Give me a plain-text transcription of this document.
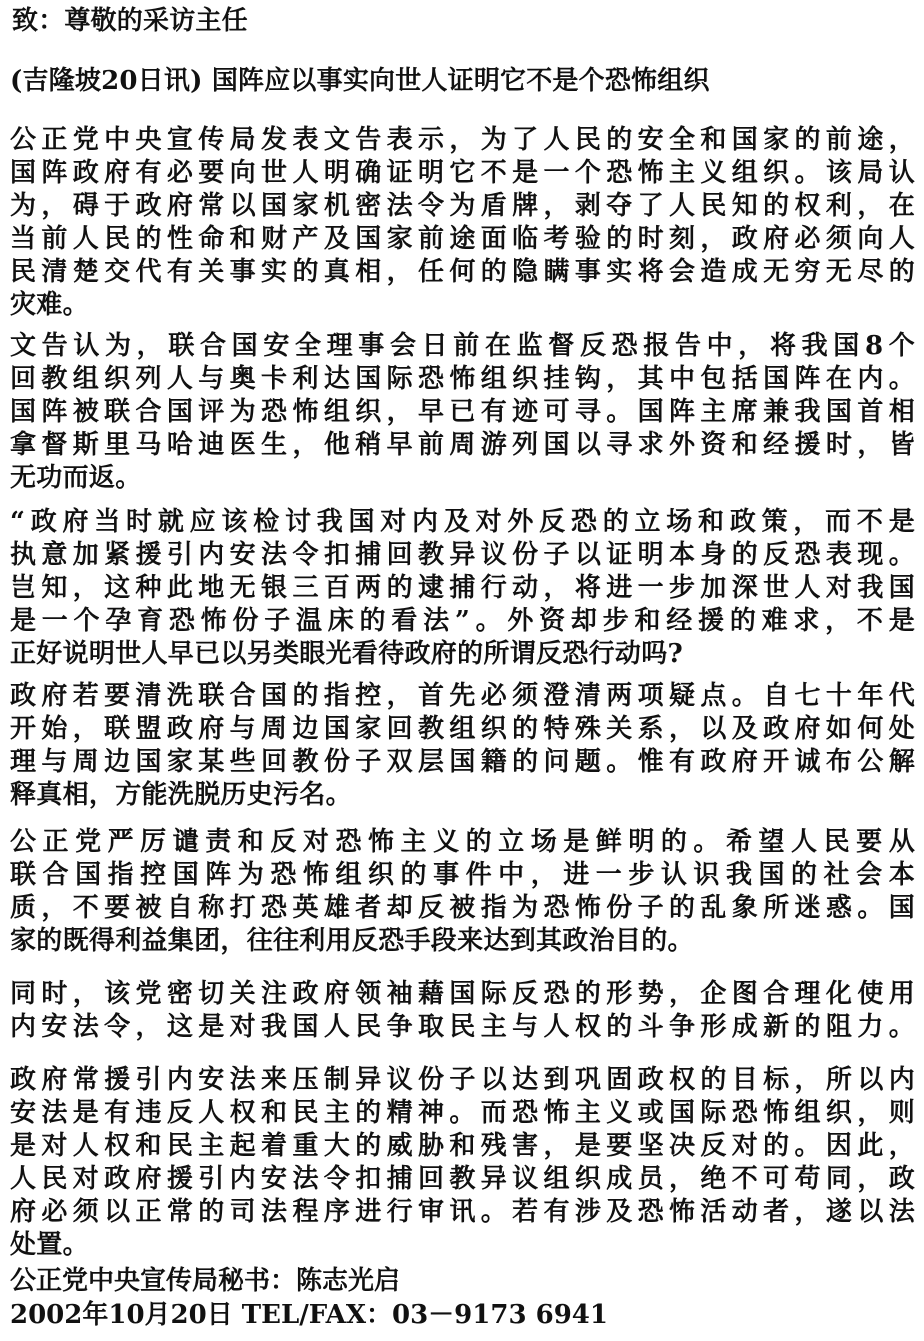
致：尊敬的采访主任

(吉隆坡20日讯) 国阵应以事实向世人证明它不是个恐怖组织

公正党中央宣传局发表文告表示，为了人民的安全和国家的前途，
国阵政府有必要向世人明确证明它不是一个恐怖主义组织。该局认
为，碍于政府常以国家机密法令为盾牌，剥夺了人民知的权利，在
当前人民的性命和财产及国家前途面临考验的时刻，政府必须向人
民清楚交代有关事实的真相，任何的隐瞒事实将会造成无穷无尽的
灾难。
文告认为，联合国安全理事会日前在监督反恐报告中，将我国8个
回教组织列人与奥卡利达国际恐怖组织挂钩，其中包括国阵在内。
国阵被联合国评为恐怖组织，早已有迹可寻。国阵主席兼我国首相
拿督斯里马哈迪医生，他稍早前周游列国以寻求外资和经援时，皆
无功而返。
“政府当时就应该检讨我国对内及对外反恐的立场和政策，而不是
执意加紧援引内安法令扣捕回教异议份子以证明本身的反恐表现。
岂知，这种此地无银三百两的逮捕行动，将进一步加深世人对我国
是一个孕育恐怖份子温床的看法”。外资却步和经援的难求，不是
正好说明世人早已以另类眼光看待政府的所谓反恐行动吗?
政府若要清洗联合国的指控，首先必须澄清两项疑点。自七十年代
开始，联盟政府与周边国家回教组织的特殊关系，以及政府如何处
理与周边国家某些回教份子双层国籍的问题。惟有政府开诚布公解
释真相，方能洗脱历史污名。
公正党严厉谴责和反对恐怖主义的立场是鲜明的。希望人民要从
联合国指控国阵为恐怖组织的事件中，进一步认识我国的社会本
质，不要被自称打恐英雄者却反被指为恐怖份子的乱象所迷惑。国
家的既得利益集团，往往利用反恐手段来达到其政治目的。
同时，该党密切关注政府领袖藉国际反恐的形势，企图合理化使用
内安法令，这是对我国人民争取民主与人权的斗争形成新的阻力。
政府常援引内安法来压制异议份子以达到巩固政权的目标，所以内
安法是有违反人权和民主的精神。而恐怖主义或国际恐怖组织，则
是对人权和民主起着重大的威胁和残害，是要坚决反对的。因此，
人民对政府援引内安法令扣捕回教异议组织成员，绝不可苟同，政
府必须以正常的司法程序进行审讯。若有涉及恐怖活动者，遂以法
处置。
公正党中央宣传局秘书：陈志光启
2002年10月20日 TEL/FAX：03－9173 6941
